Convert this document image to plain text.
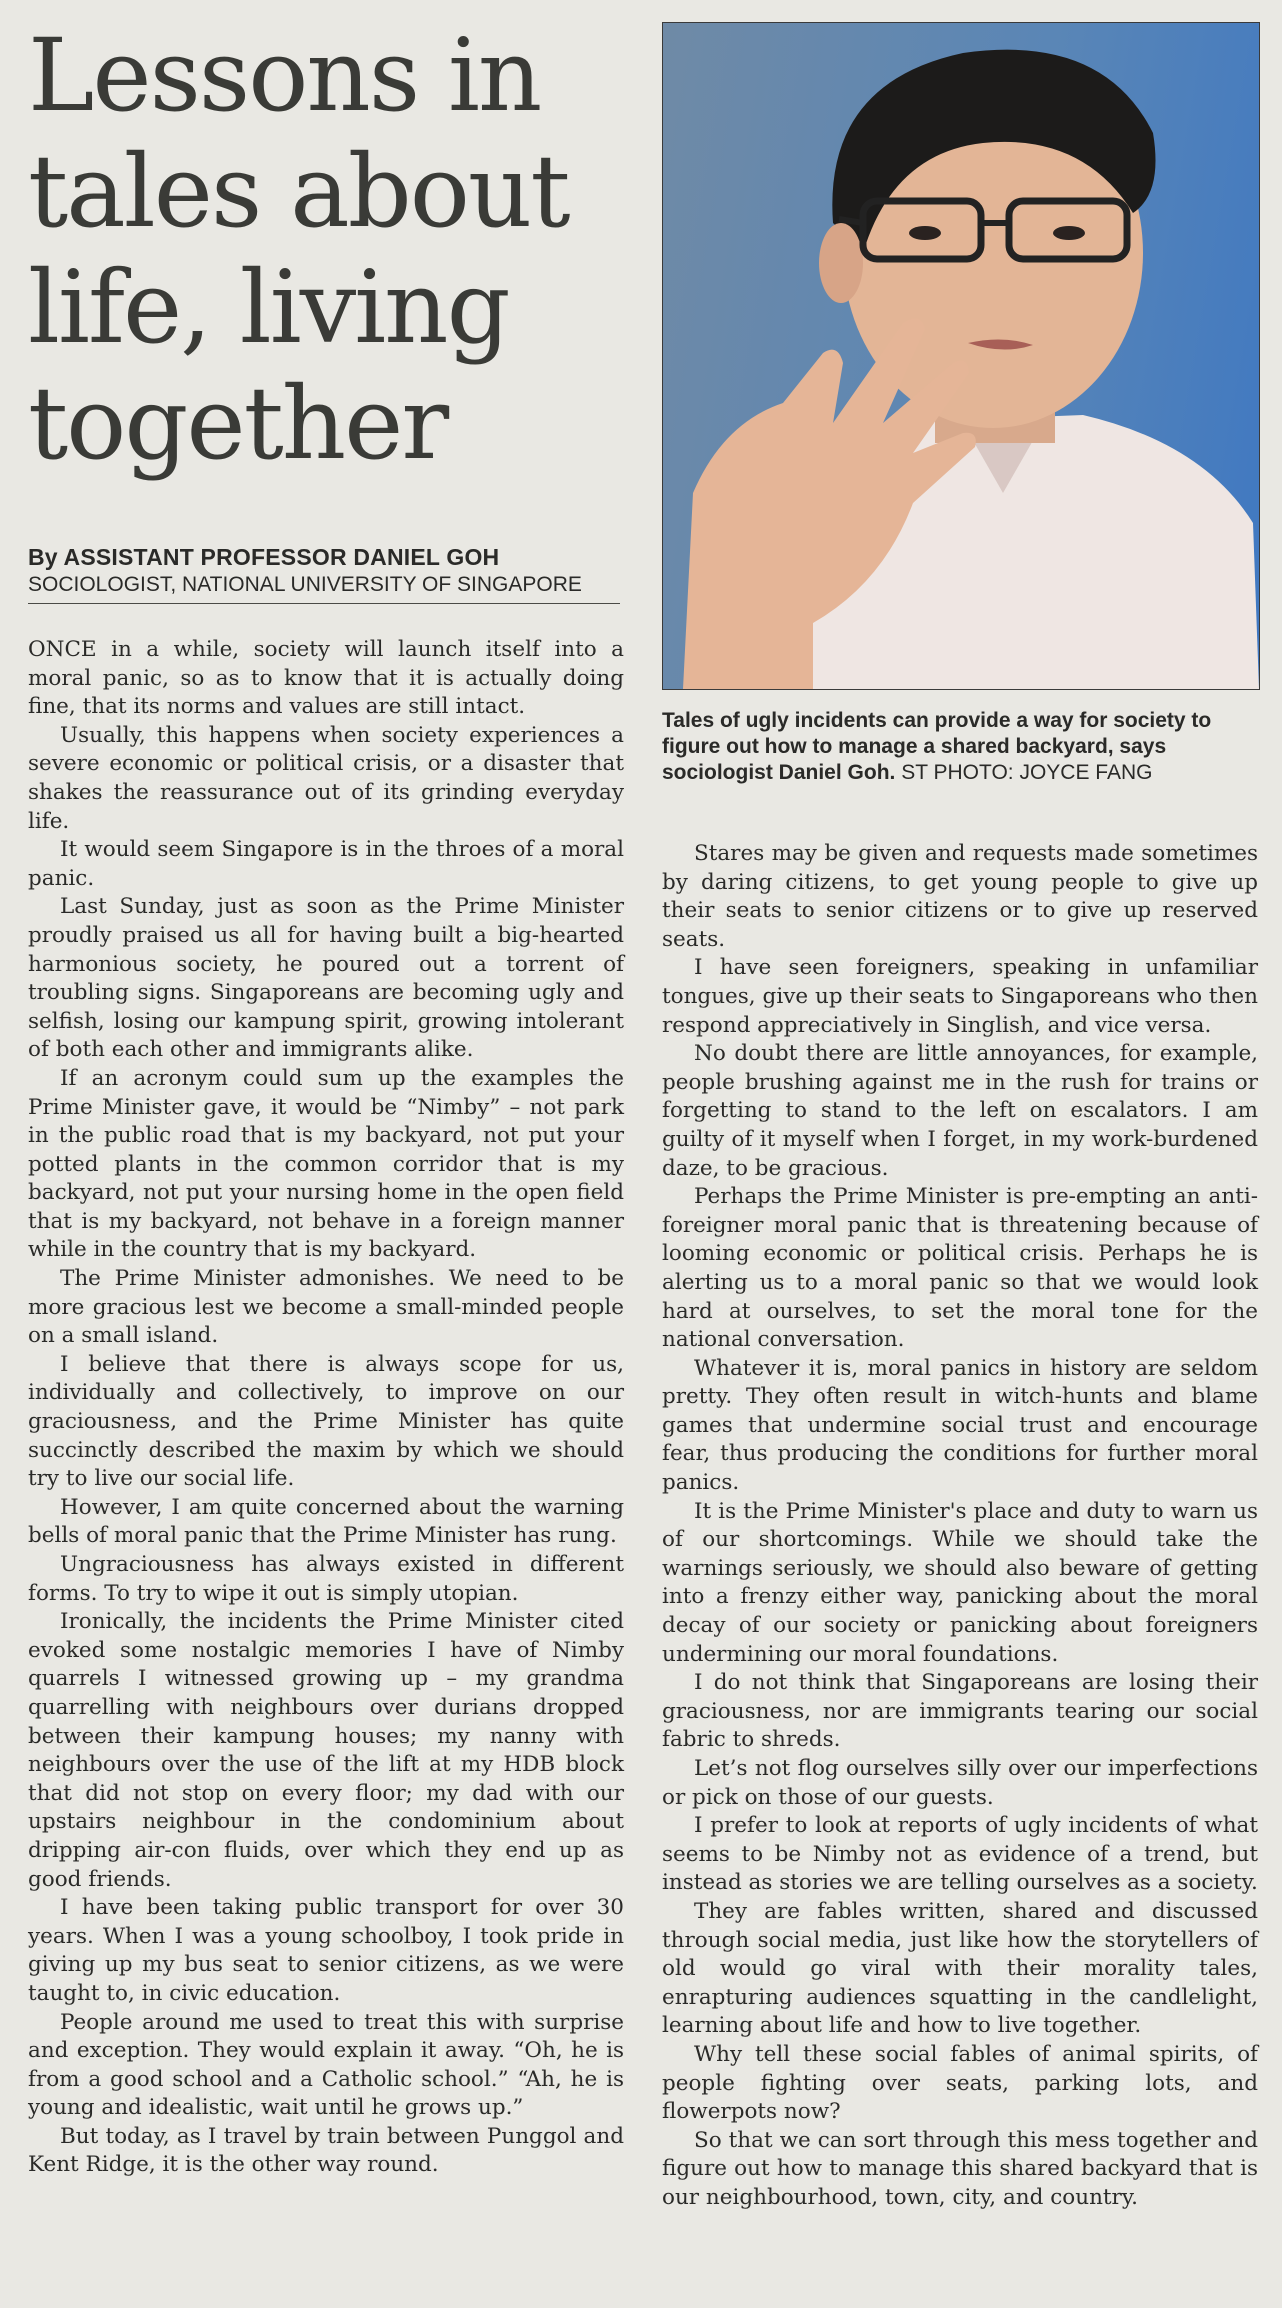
Lessons in
tales about
life, living
together
By ASSISTANT PROFESSOR DANIEL GOH
SOCIOLOGIST, NATIONAL UNIVERSITY OF SINGAPORE
Tales of ugly incidents can provide a way for society to figure out how to manage a shared backyard, says sociologist Daniel Goh. ST PHOTO: JOYCE FANG

ONCE in a while, society will launch itself into a moral panic, so as to know that it is actually doing fine, that its norms and values are still intact.

Usually, this happens when society experiences a severe economic or political crisis, or a disaster that shakes the reassurance out of its grinding everyday life.

It would seem Singapore is in the throes of a moral panic.

Last Sunday, just as soon as the Prime Minister proudly praised us all for having built a big-hearted harmonious society, he poured out a torrent of troubling signs. Singaporeans are becoming ugly and selfish, losing our kampung spirit, growing intolerant of both each other and immigrants alike.

If an acronym could sum up the examples the Prime Minister gave, it would be “Nimby” – not park in the public road that is my backyard, not put your potted plants in the common corridor that is my backyard, not put your nursing home in the open field that is my backyard, not behave in a foreign manner while in the country that is my backyard.

The Prime Minister admonishes. We need to be more gracious lest we become a small-minded people on a small island.

I believe that there is always scope for us, individually and collectively, to improve on our graciousness, and the Prime Minister has quite succinctly described the maxim by which we should try to live our social life.

However, I am quite concerned about the warning bells of moral panic that the Prime Minister has rung.

Ungraciousness has always existed in different forms. To try to wipe it out is simply utopian.

Ironically, the incidents the Prime Minister cited evoked some nostalgic memories I have of Nimby quarrels I witnessed growing up – my grandma quarrelling with neighbours over durians dropped between their kampung houses; my nanny with neighbours over the use of the lift at my HDB block that did not stop on every floor; my dad with our upstairs neighbour in the condominium about dripping air-con fluids, over which they end up as good friends.

I have been taking public transport for over 30 years. When I was a young schoolboy, I took pride in giving up my bus seat to senior citizens, as we were taught to, in civic education.

People around me used to treat this with surprise and exception. They would explain it away. “Oh, he is from a good school and a Catholic school.” “Ah, he is young and idealistic, wait until he grows up.”

But today, as I travel by train between Punggol and Kent Ridge, it is the other way round.

Stares may be given and requests made sometimes by daring citizens, to get young people to give up their seats to senior citizens or to give up reserved seats.

I have seen foreigners, speaking in unfamiliar tongues, give up their seats to Singaporeans who then respond appreciatively in Singlish, and vice versa.

No doubt there are little annoyances, for example, people brushing against me in the rush for trains or forgetting to stand to the left on escalators. I am guilty of it myself when I forget, in my work-burdened daze, to be gracious.

Perhaps the Prime Minister is pre-empting an anti-foreigner moral panic that is threatening because of looming economic or political crisis. Perhaps he is alerting us to a moral panic so that we would look hard at ourselves, to set the moral tone for the national conversation.

Whatever it is, moral panics in history are seldom pretty. They often result in witch-hunts and blame games that undermine social trust and encourage fear, thus producing the conditions for further moral panics.

It is the Prime Minister's place and duty to warn us of our shortcomings. While we should take the warnings seriously, we should also beware of getting into a frenzy either way, panicking about the moral decay of our society or panicking about foreigners undermining our moral foundations.

I do not think that Singaporeans are losing their graciousness, nor are immigrants tearing our social fabric to shreds.

Let’s not flog ourselves silly over our imperfections or pick on those of our guests.

I prefer to look at reports of ugly incidents of what seems to be Nimby not as evidence of a trend, but instead as stories we are telling ourselves as a society.

They are fables written, shared and discussed through social media, just like how the storytellers of old would go viral with their morality tales, enrapturing audiences squatting in the candlelight, learning about life and how to live together.

Why tell these social fables of animal spirits, of people fighting over seats, parking lots, and flowerpots now?

So that we can sort through this mess together and figure out how to manage this shared backyard that is our neighbourhood, town, city, and country.
